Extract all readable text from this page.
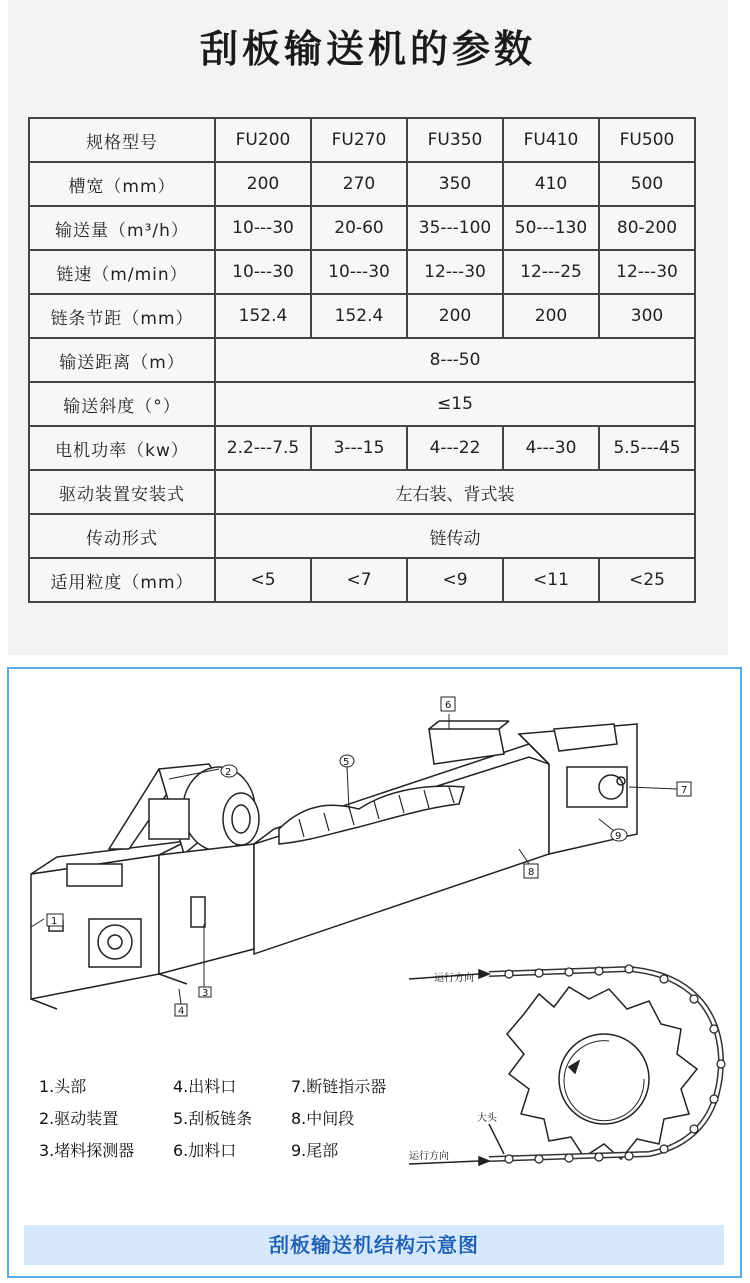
刮板输送机的参数
规格型号	FU200	FU270	FU350	FU410	FU500
槽宽（mm）	200	270	350	410	500
输送量（m³/h）	10---30	20-60	35---100	50---130	80-200
链速（m/min）	10---30	10---30	12---30	12---25	12---30
链条节距（mm）	152.4	152.4	200	200	300
输送距离（m）	8---50				
输送斜度（°）	≤15				
电机功率（kw）	2.2---7.5	3---15	4---22	4---30	5.5---45
驱动装置安装式	左右装、背式装				
传动形式	链传动				
适用粒度（mm）	<5	<7	<9	<11	<25
1
2
3
4
5
6
7
8
9
运行方向
运行方向
大头
1.头部
2.驱动装置
3.堵料探测器
4.出料口
5.刮板链条
6.加料口
7.断链指示器
8.中间段
9.尾部
刮板输送机结构示意图
